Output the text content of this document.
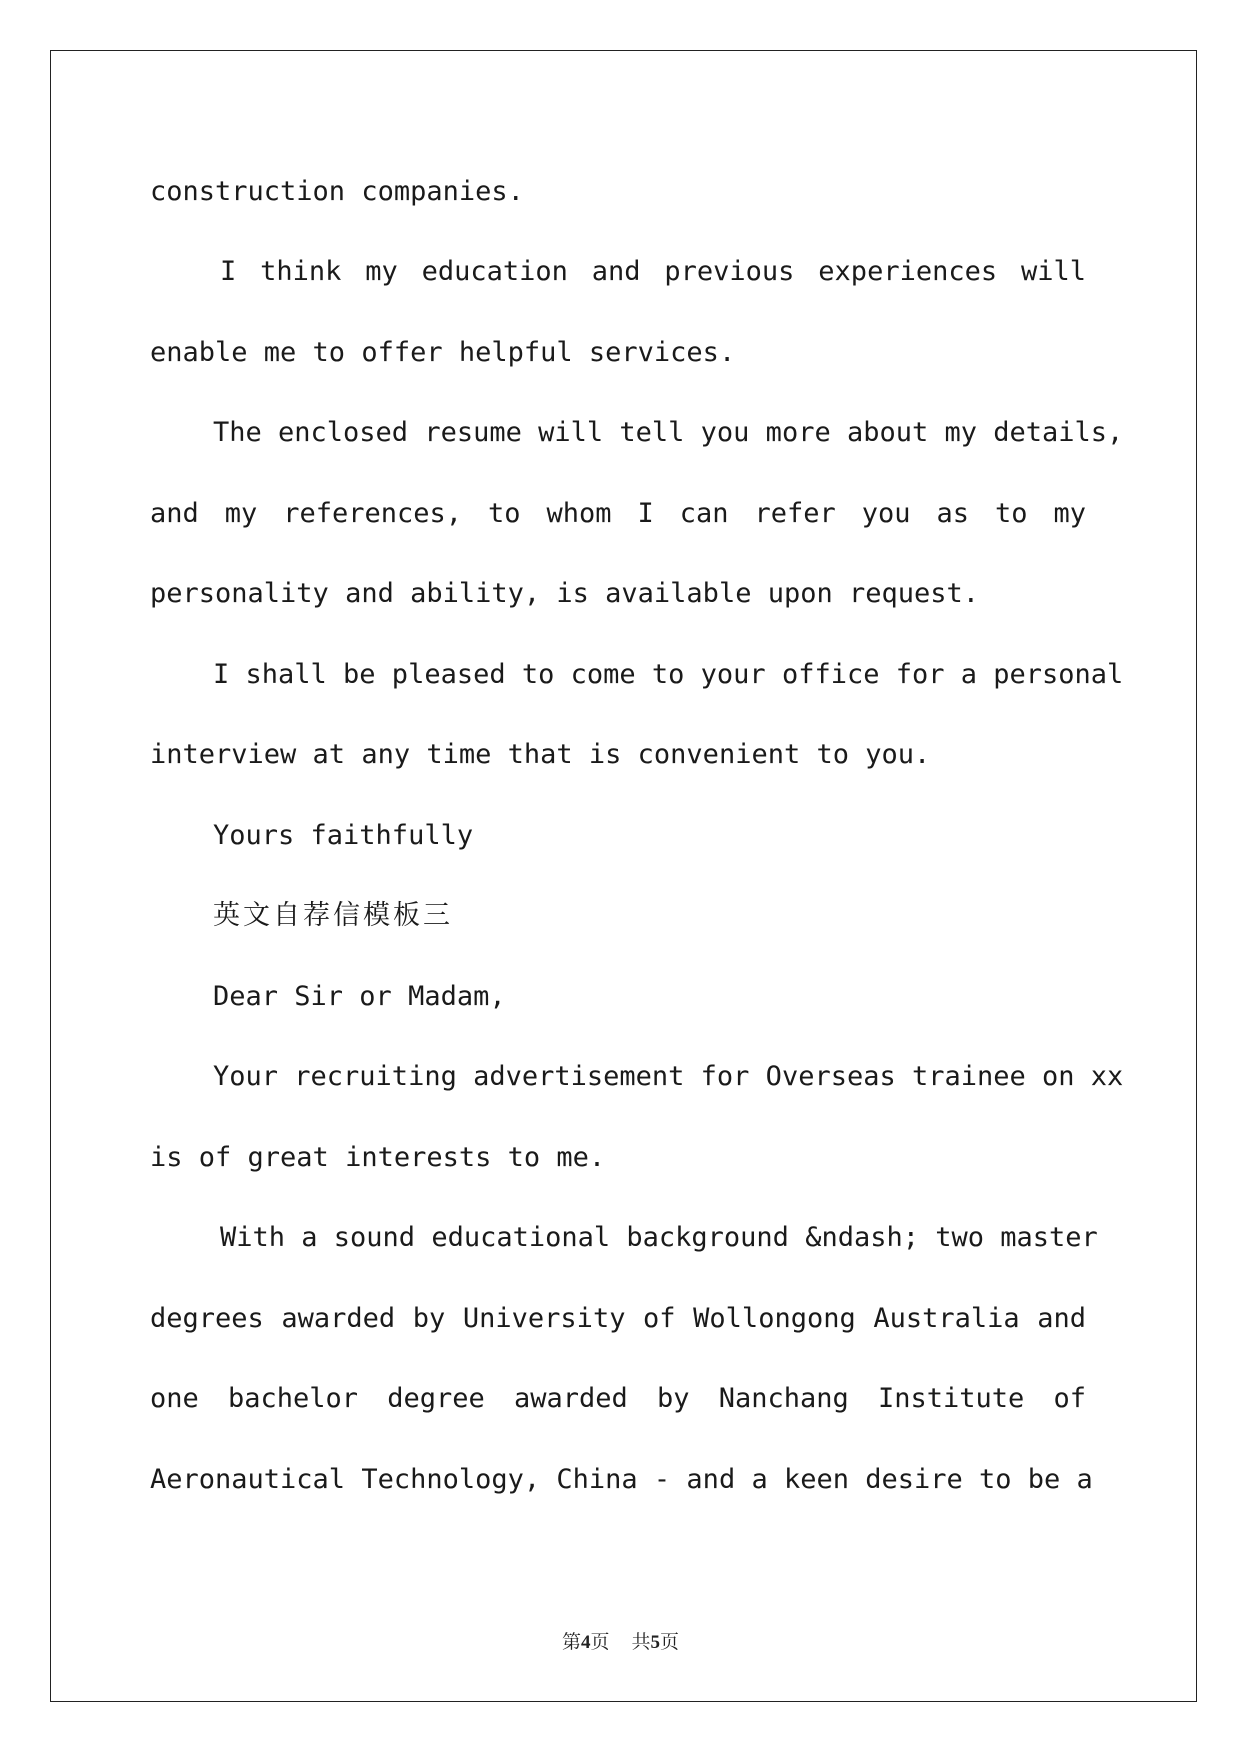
construction companies.
I think my education and previous experiences will
enable me to offer helpful services.
The enclosed resume will tell you more about my details,
and my references, to whom I can refer you as to my
personality and ability, is available upon request.
I shall be pleased to come to your office for a personal
interview at any time that is convenient to you.
Yours faithfully
英文自荐信模板三
Dear Sir or Madam,
Your recruiting advertisement for Overseas trainee on xx
is of great interests to me.
With a sound educational background &ndash; two master
degrees awarded by University of Wollongong Australia and
one bachelor degree awarded by Nanchang Institute of
Aeronautical Technology, China - and a keen desire to be a
第4页 共5页
